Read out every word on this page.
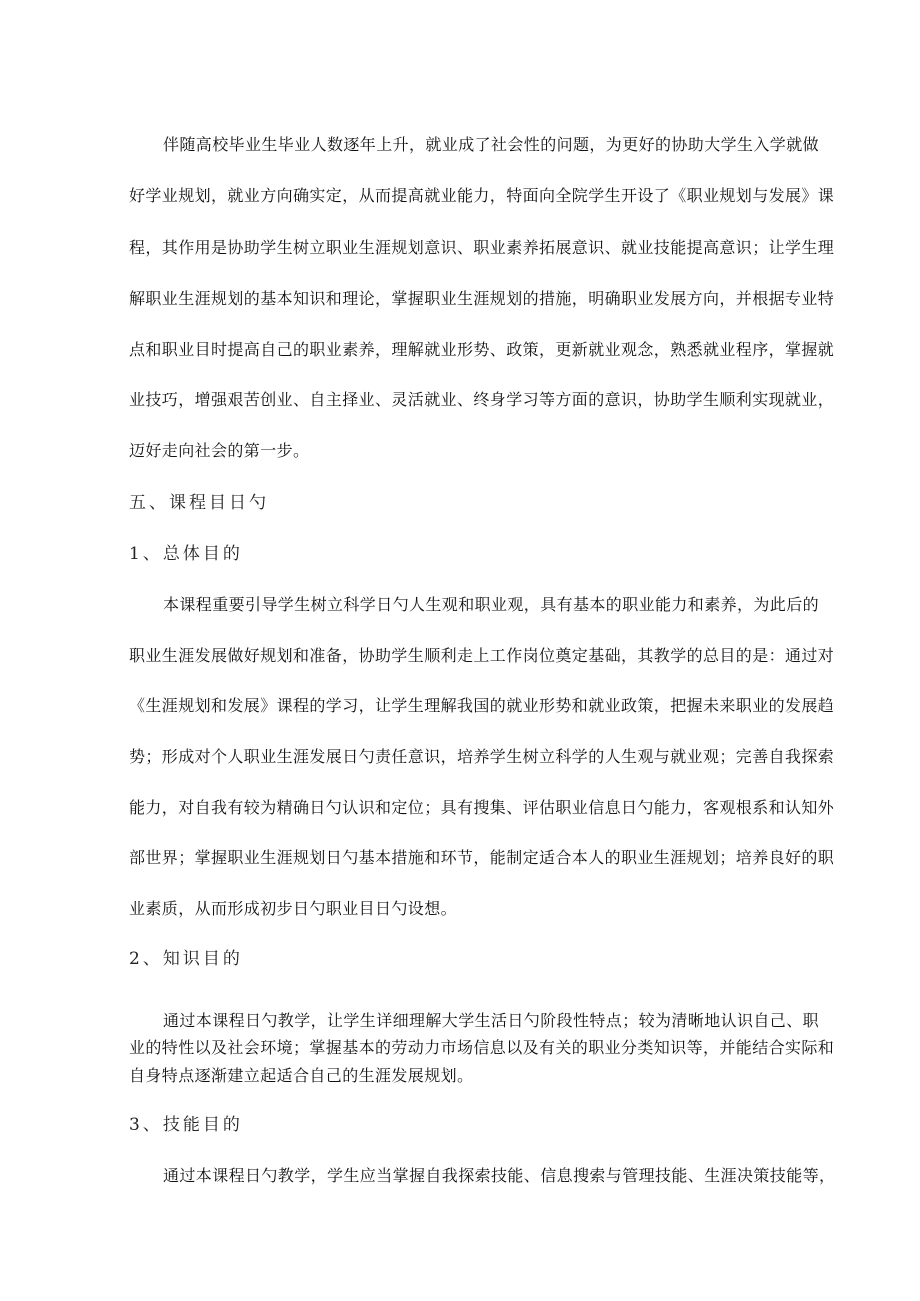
伴随高校毕业生毕业人数逐年上升，就业成了社会性的问题，为更好的协助大学生入学就做
好学业规划，就业方向确实定，从而提高就业能力，特面向全院学生开设了《职业规划与发展》课
程，其作用是协助学生树立职业生涯规划意识、职业素养拓展意识、就业技能提高意识；让学生理
解职业生涯规划的基本知识和理论，掌握职业生涯规划的措施，明确职业发展方向，并根据专业特
点和职业目时提高自己的职业素养，理解就业形势、政策，更新就业观念，熟悉就业程序，掌握就
业技巧，增强艰苦创业、自主择业、灵活就业、终身学习等方面的意识，协助学生顺利实现就业，
迈好走向社会的第一步。
五、课程目日勺
1、总体目的
本课程重要引导学生树立科学日勺人生观和职业观，具有基本的职业能力和素养，为此后的
职业生涯发展做好规划和准备，协助学生顺利走上工作岗位奠定基础，其教学的总目的是：通过对
《生涯规划和发展》课程的学习，让学生理解我国的就业形势和就业政策，把握未来职业的发展趋
势；形成对个人职业生涯发展日勺责任意识，培养学生树立科学的人生观与就业观；完善自我探索
能力，对自我有较为精确日勺认识和定位；具有搜集、评估职业信息日勺能力，客观根系和认知外
部世界；掌握职业生涯规划日勺基本措施和环节，能制定适合本人的职业生涯规划；培养良好的职
业素质，从而形成初步日勺职业目日勺设想。
2、知识目的
通过本课程日勺教学，让学生详细理解大学生活日勺阶段性特点；较为清晰地认识自己、职
业的特性以及社会环境；掌握基本的劳动力市场信息以及有关的职业分类知识等，并能结合实际和
自身特点逐渐建立起适合自己的生涯发展规划。
3、技能目的
通过本课程日勺教学，学生应当掌握自我探索技能、信息搜索与管理技能、生涯决策技能等，
